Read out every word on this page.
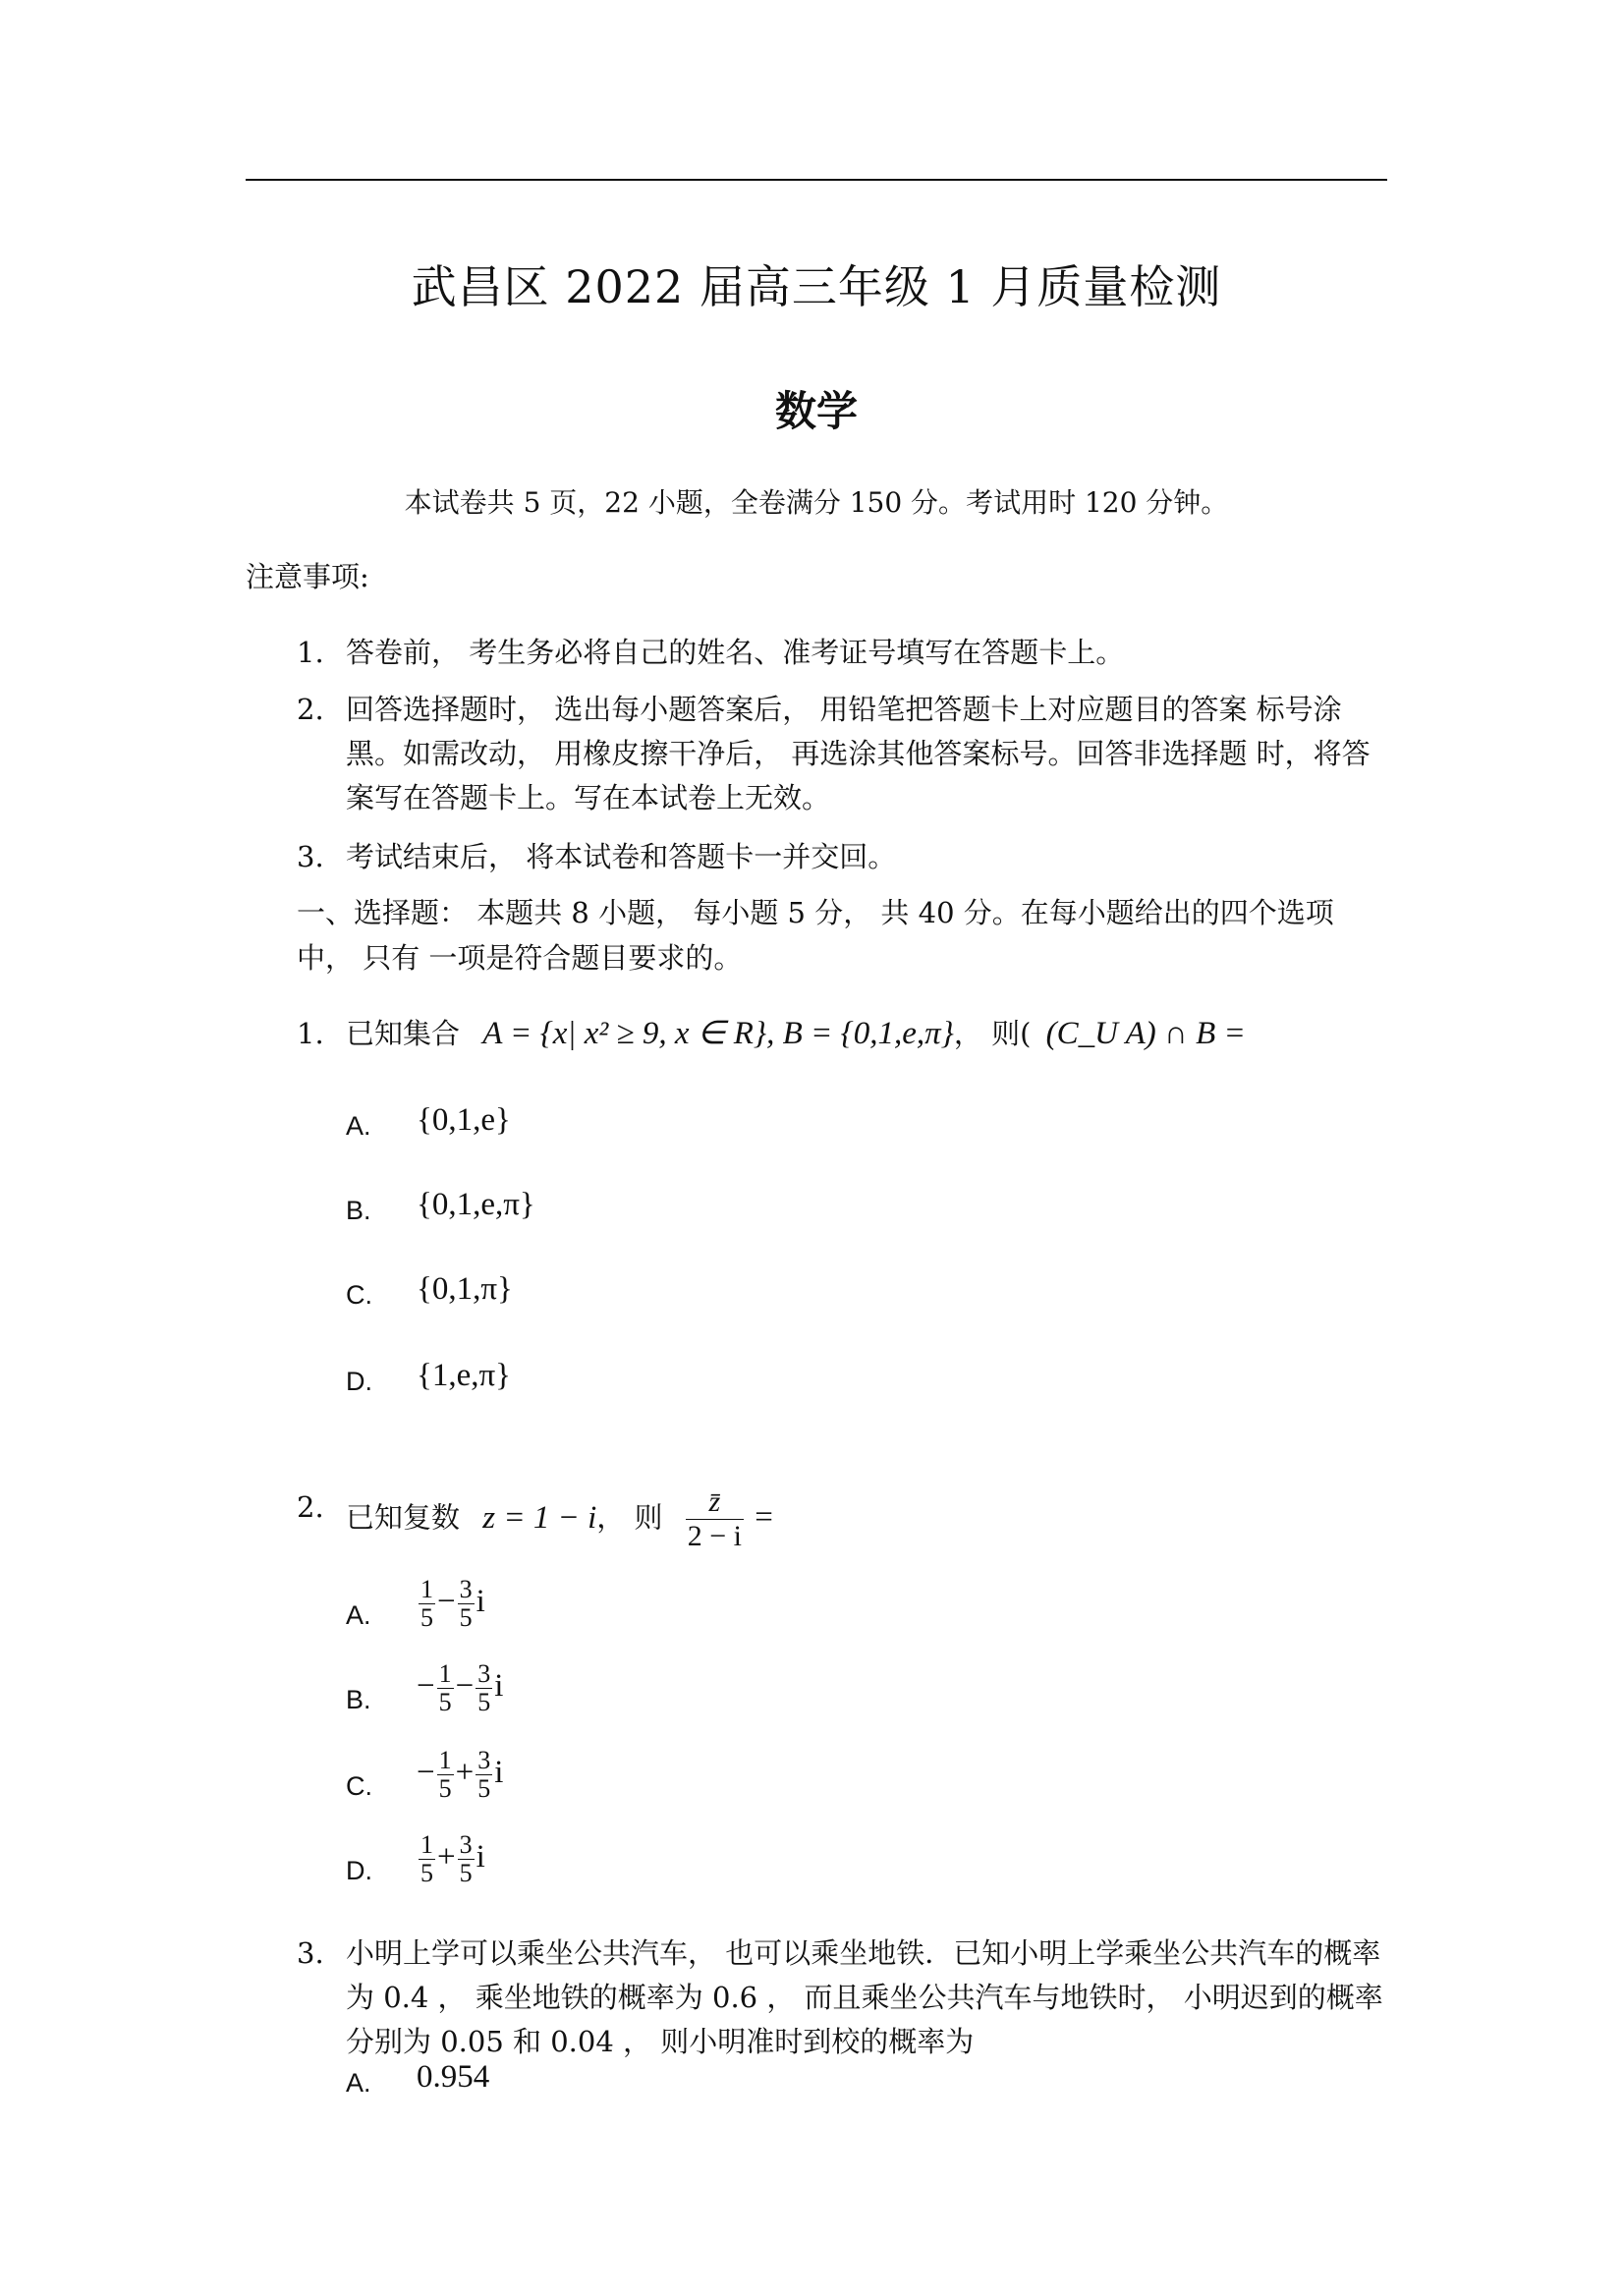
武昌区 2022 届高三年级 1 月质量检测
数学
本试卷共 5 页，22 小题，全卷满分 150 分。考试用时 120 分钟。
注意事项:
1. 答卷前， 考生务必将自己的姓名、准考证号填写在答题卡上。
2. 回答选择题时， 选出每小题答案后， 用铅笔把答题卡上对应题目的答案 标号涂黑。如需改动， 用橡皮擦干净后， 再选涂其他答案标号。回答非选择题 时，将答案写在答题卡上。写在本试卷上无效。
3. 考试结束后， 将本试卷和答题卡一并交回。
一、选择题： 本题共 8 小题， 每小题 5 分， 共 40 分。在每小题给出的四个选项中， 只有 一项是符合题目要求的。
1. 已知集合 A = {x| x² ≥ 9, x ∈ R}, B = {0,1,e,π}， 则( (C_U A) ∩ B =
A. {0,1,e}
B. {0,1,e,π}
C. {0,1,π}
D. {1,e,π}
2. 已知复数 z = 1 − i， 则 $\frac{z̄}{2 - i}$ =
A. $\frac{1}{5} - \frac{3}{5}$ i
B. − $\frac{1}{5} - \frac{3}{5}$ i
C. − $\frac{1}{5} + \frac{3}{5}$ i
D. $\frac{1}{5} + \frac{3}{5}$ i
3. 小明上学可以乘坐公共汽车， 也可以乘坐地铁．已知小明上学乘坐公共汽车的概率为 0.4 ， 乘坐地铁的概率为 0.6 ， 而且乘坐公共汽车与地铁时， 小明迟到的概率分别为 0.05 和 0.04 ， 则小明准时到校的概率为
A. 0.954
